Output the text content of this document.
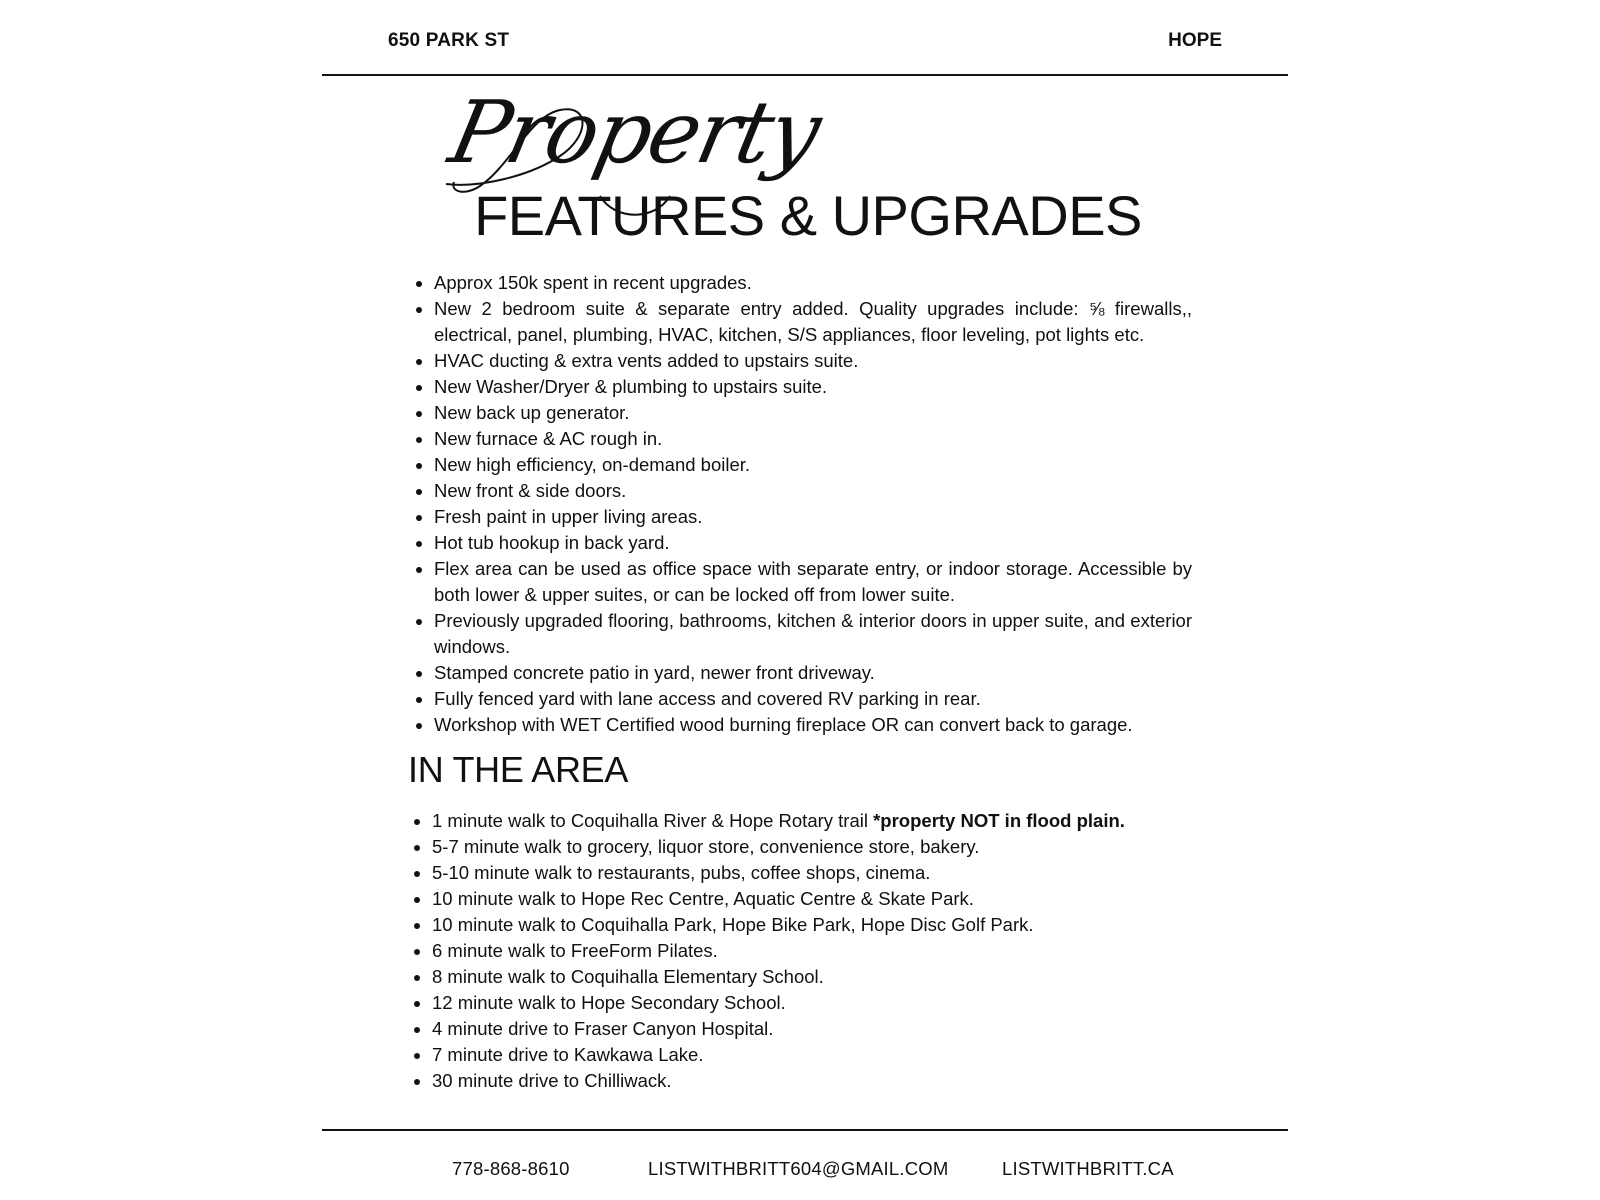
650 PARK ST	HOPE
Property
FEATURES & UPGRADES
• Approx 150k spent in recent upgrades.
• New 2 bedroom suite & separate entry added. Quality upgrades include: ⅝ firewalls,, electrical, panel, plumbing, HVAC, kitchen, S/S appliances, floor leveling, pot lights etc.
• HVAC ducting & extra vents added to upstairs suite.
• New Washer/Dryer & plumbing to upstairs suite.
• New back up generator.
• New furnace & AC rough in.
• New high efficiency, on-demand boiler.
• New front & side doors.
• Fresh paint in upper living areas.
• Hot tub hookup in back yard.
• Flex area can be used as office space with separate entry, or indoor storage. Accessible by both lower & upper suites, or can be locked off from lower suite.
• Previously upgraded flooring, bathrooms, kitchen & interior doors in upper suite, and exterior windows.
• Stamped concrete patio in yard, newer front driveway.
• Fully fenced yard with lane access and covered RV parking in rear.
• Workshop with WET Certified wood burning fireplace OR can convert back to garage.
IN THE AREA
• 1 minute walk to Coquihalla River & Hope Rotary trail *property NOT in flood plain.
• 5-7 minute walk to grocery, liquor store, convenience store, bakery.
• 5-10 minute walk to restaurants, pubs, coffee shops, cinema.
• 10 minute walk to Hope Rec Centre, Aquatic Centre & Skate Park.
• 10 minute walk to Coquihalla Park, Hope Bike Park, Hope Disc Golf Park.
• 6 minute walk to FreeForm Pilates.
• 8 minute walk to Coquihalla Elementary School.
• 12 minute walk to Hope Secondary School.
• 4 minute drive to Fraser Canyon Hospital.
• 7 minute drive to Kawkawa Lake.
• 30 minute drive to Chilliwack.
778-868-8610	LISTWITHBRITT604@GMAIL.COM	LISTWITHBRITT.CA
